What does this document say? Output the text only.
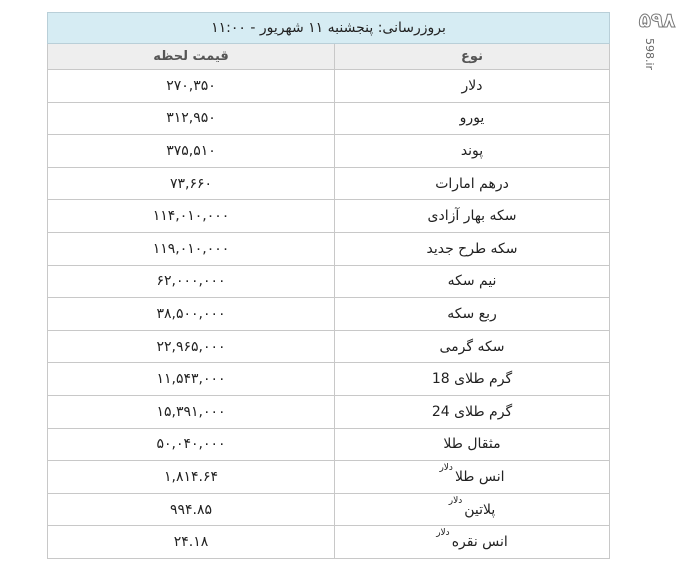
بروزرسانی: پنجشنبه ۱۱ شهریور - ۱۱:۰۰
قیمت لحظه	نوع
۲۷۰,۳۵۰	دلار
۳۱۲,۹۵۰	یورو
۳۷۵,۵۱۰	پوند
۷۳,۶۶۰	درهم امارات
۱۱۴,۰۱۰,۰۰۰	سکه بهار آزادی
۱۱۹,۰۱۰,۰۰۰	سکه طرح جدید
۶۲,۰۰۰,۰۰۰	نیم سکه
۳۸,۵۰۰,۰۰۰	ربع سکه
۲۲,۹۶۵,۰۰۰	سکه گرمی
۱۱,۵۴۳,۰۰۰	گرم طلای 18
۱۵,۳۹۱,۰۰۰	گرم طلای 24
۵۰,۰۴۰,۰۰۰	مثقال طلا
۱,۸۱۴.۶۴	انس طلا
دلار
۹۹۴.۸۵	پلاتین
دلار
۲۴.۱۸	انس نقره
دلار
۵۹۸
598.ir
